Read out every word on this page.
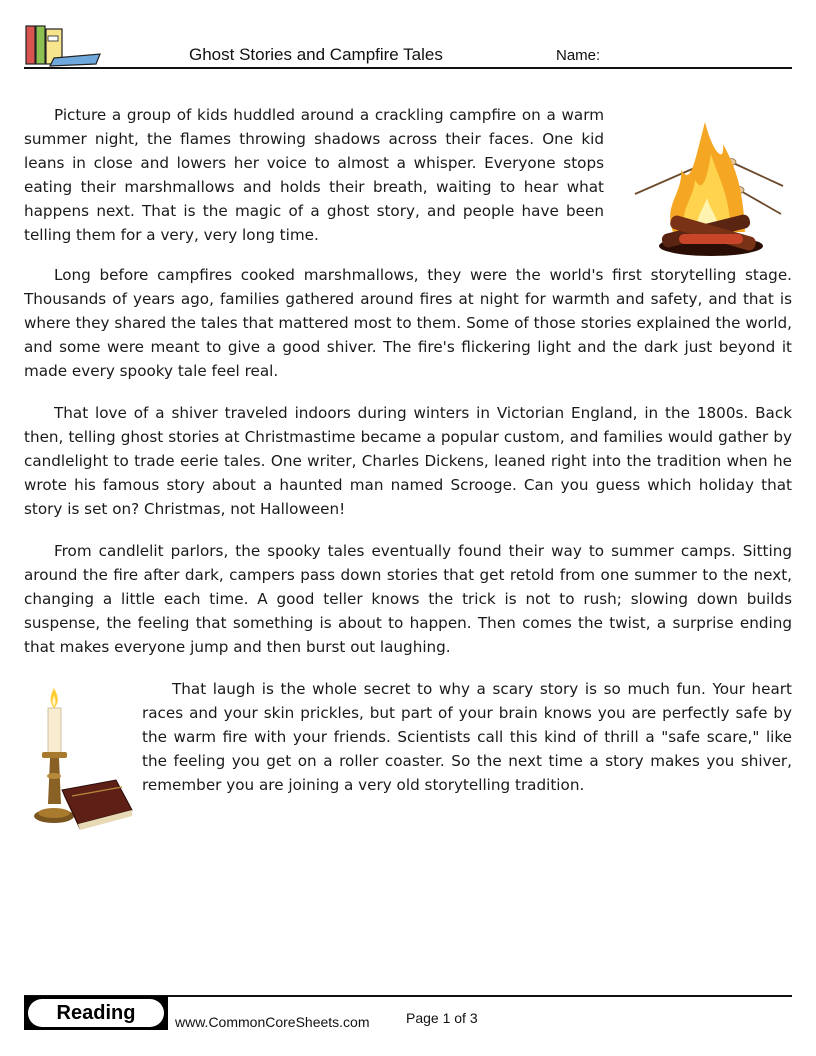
Ghost Stories and Campfire Tales	Name:

Picture a group of kids huddled around a crackling campfire on a warm summer night, the flames throwing shadows across their faces. One kid leans in close and lowers her voice to almost a whisper. Everyone stops eating their marshmallows and holds their breath, waiting to hear what happens next. That is the magic of a ghost story, and people have been telling them for a very, very long time.

Long before campfires cooked marshmallows, they were the world's first storytelling stage. Thousands of years ago, families gathered around fires at night for warmth and safety, and that is where they shared the tales that mattered most to them. Some of those stories explained the world, and some were meant to give a good shiver. The fire's flickering light and the dark just beyond it made every spooky tale feel real.

That love of a shiver traveled indoors during winters in Victorian England, in the 1800s. Back then, telling ghost stories at Christmastime became a popular custom, and families would gather by candlelight to trade eerie tales. One writer, Charles Dickens, leaned right into the tradition when he wrote his famous story about a haunted man named Scrooge. Can you guess which holiday that story is set on? Christmas, not Halloween!

From candlelit parlors, the spooky tales eventually found their way to summer camps. Sitting around the fire after dark, campers pass down stories that get retold from one summer to the next, changing a little each time. A good teller knows the trick is not to rush; slowing down builds suspense, the feeling that something is about to happen. Then comes the twist, a surprise ending that makes everyone jump and then burst out laughing.

That laugh is the whole secret to why a scary story is so much fun. Your heart races and your skin prickles, but part of your brain knows you are perfectly safe by the warm fire with your friends. Scientists call this kind of thrill a "safe scare," like the feeling you get on a roller coaster. So the next time a story makes you shiver, remember you are joining a very old storytelling tradition.

Reading	www.CommonCoreSheets.com	Page 1 of 3
